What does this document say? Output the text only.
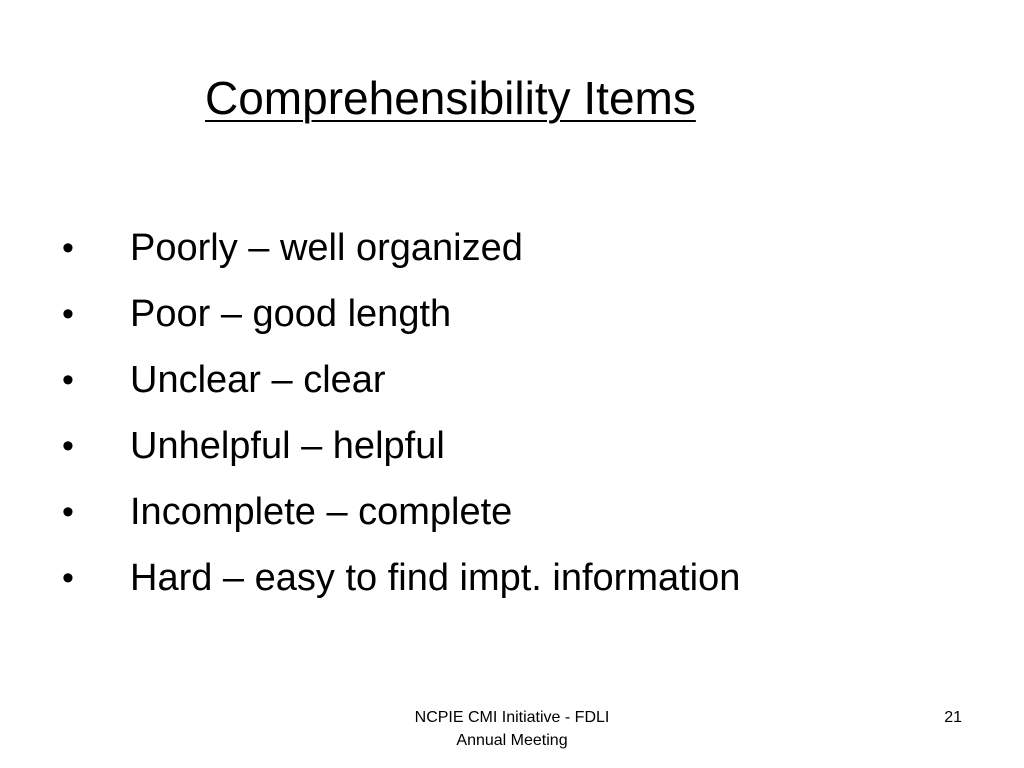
Comprehensibility Items
• Poorly – well organized
• Poor – good length
• Unclear – clear
• Unhelpful – helpful
• Incomplete – complete
• Hard – easy to find impt. information
NCPIE CMI Initiative - FDLI
Annual Meeting
21
